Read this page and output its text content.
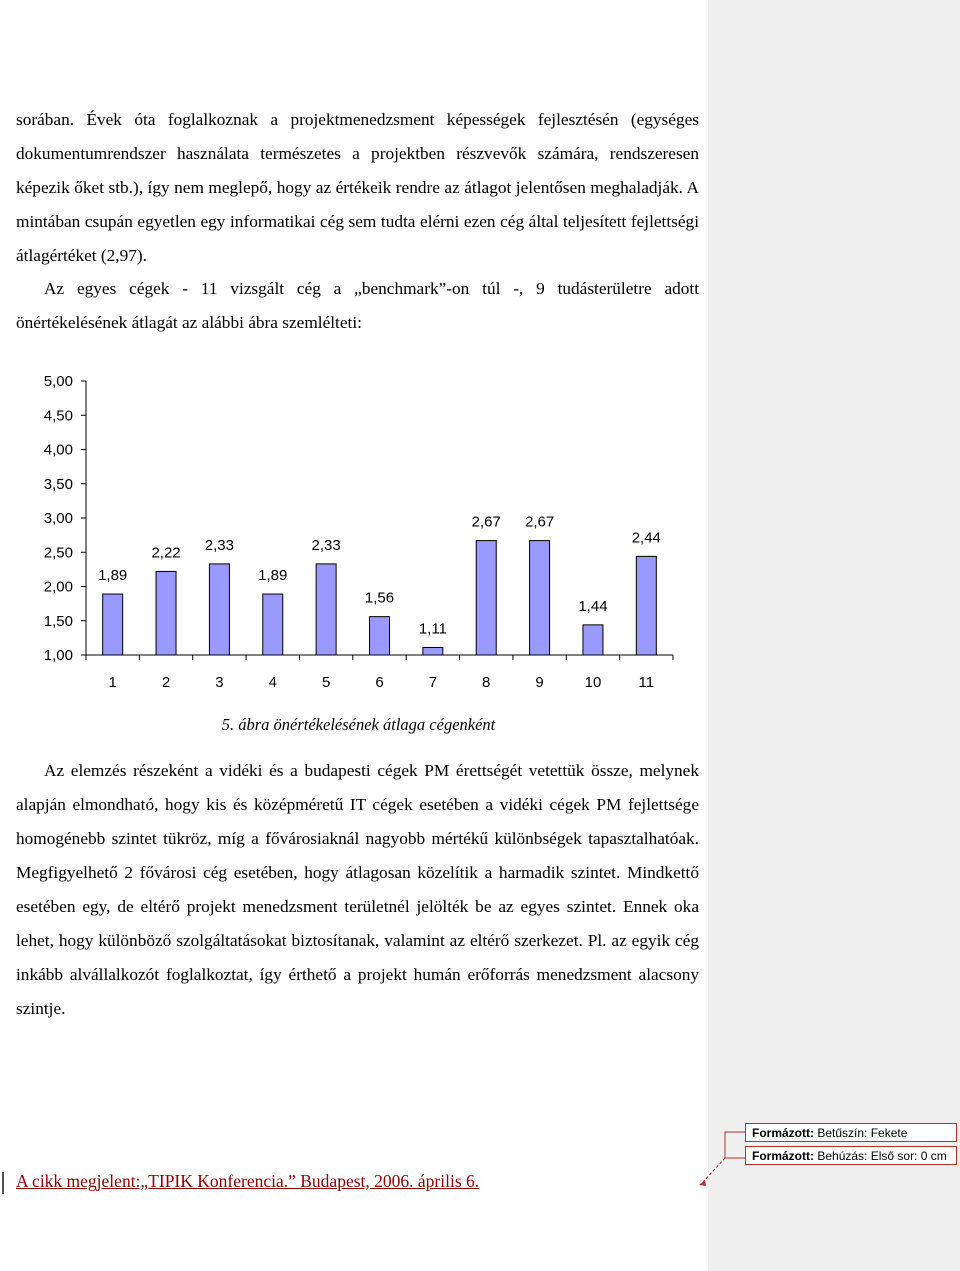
sorában. Évek óta foglalkoznak a projektmenedzsment képességek fejlesztésén (egységes dokumentumrendszer használata természetes a projektben részvevők számára, rendszeresen képezik őket stb.), így nem meglepő, hogy az értékeik rendre az átlagot jelentősen meghaladják. A mintában csupán egyetlen egy informatikai cég sem tudta elérni ezen cég által teljesített fejlettségi átlagértéket (2,97).

Az egyes cégek - 11 vizsgált cég a „benchmark”-on túl -, 9 tudásterületre adott önértékelésének átlagát az alábbi ábra szemlélteti:

1,00
1,50
2,00
2,50
3,00
3,50
4,00
4,50
5,00
1,89
2,22 2,33
1,89
2,33
1,56
1,11
2,67 2,67
1,44
2,44
1	2	3	4	5	6	7	8	9	10 11
5. ábra önértékelésének átlaga cégenként

Az elemzés részeként a vidéki és a budapesti cégek PM érettségét vetettük össze, melynek alapján elmondható, hogy kis és középméretű IT cégek esetében a vidéki cégek PM fejlettsége homogénebb szintet tükröz, míg a fővárosiaknál nagyobb mértékű különbségek tapasztalhatóak. Megfigyelhető 2 fővárosi cég esetében, hogy átlagosan közelítik a harmadik szintet. Mindkettő esetében egy, de eltérő projekt menedzsment területnél jelölték be az egyes szintet. Ennek oka lehet, hogy különböző szolgáltatásokat biztosítanak, valamint az eltérő szerkezet. Pl. az egyik cég inkább alvállalkozót foglalkoztat, így érthető a projekt humán erőforrás menedzsment alacsony szintje.

A cikk megjelent:„TIPIK Konferencia.” Budapest, 2006. április 6.
Formázott: Betűszín: Fekete
Formázott: Behúzás: Első sor: 0 cm
